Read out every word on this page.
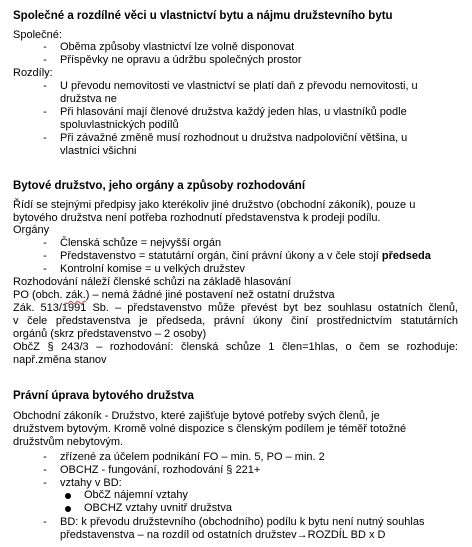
Společné a rozdílné věci u vlastnictví bytu a nájmu družstevního bytu
Společné:
- Oběma způsoby vlastnictví lze volně disponovat
- Příspěvky ne opravu a údržbu společných prostor
Rozdíly:
- U převodu nemovitosti ve vlastnictví se platí daň z převodu nemovitosti, u
družstva ne
- Při hlasování mají členové družstva každý jeden hlas, u vlastníků podle
spoluvlastnických podílů
- Při závažné změně musí rozhodnout u družstva nadpoloviční většina, u
vlastníci všichni
Bytové družstvo, jeho orgány a způsoby rozhodování
Řídí se stejnými předpisy jako kterékoliv jiné družstvo (obchodní zákoník), pouze u
bytového družstva není potřeba rozhodnutí představenstva k prodeji podílu.
Orgány
- Členská schůze = nejvyšší orgán
- Představenstvo = statutární orgán, činí právní úkony a v čele stojí předseda
- Kontrolní komise = u velkých družstev
Rozhodování náleží členské schůzi na základě hlasování
PO (obch. zák.) – nemá žádné jiné postavení než ostatní družstva
Zák. 513/1991 Sb. – představenstvo může převést byt bez souhlasu ostatních členů,
v čele představenstva je předseda, právní úkony činí prostřednictvím statutárních
orgánů (skrz představenstvo – 2 osoby)
ObčZ § 243/3 – rozhodování: členská schůze 1 člen=1hlas, o čem se rozhoduje:
např.změna stanov
Právní úprava bytového družstva
Obchodní zákoník - Družstvo, které zajišťuje bytové potřeby svých členů, je
družstvem bytovým. Kromě volné dispozice s členským podílem je téměř totožné
družstvům nebytovým.
- zřízené za účelem podnikání FO – min. 5, PO – min. 2
- OBCHZ - fungování, rozhodování § 221+
- vztahy v BD:
ObčZ nájemní vztahy
OBCHZ vztahy uvnitř družstva
- BD: k převodu družstevního (obchodního) podílu k bytu není nutný souhlas
představenstva – na rozdíl od ostatních družstev→ROZDÍL BD x D
